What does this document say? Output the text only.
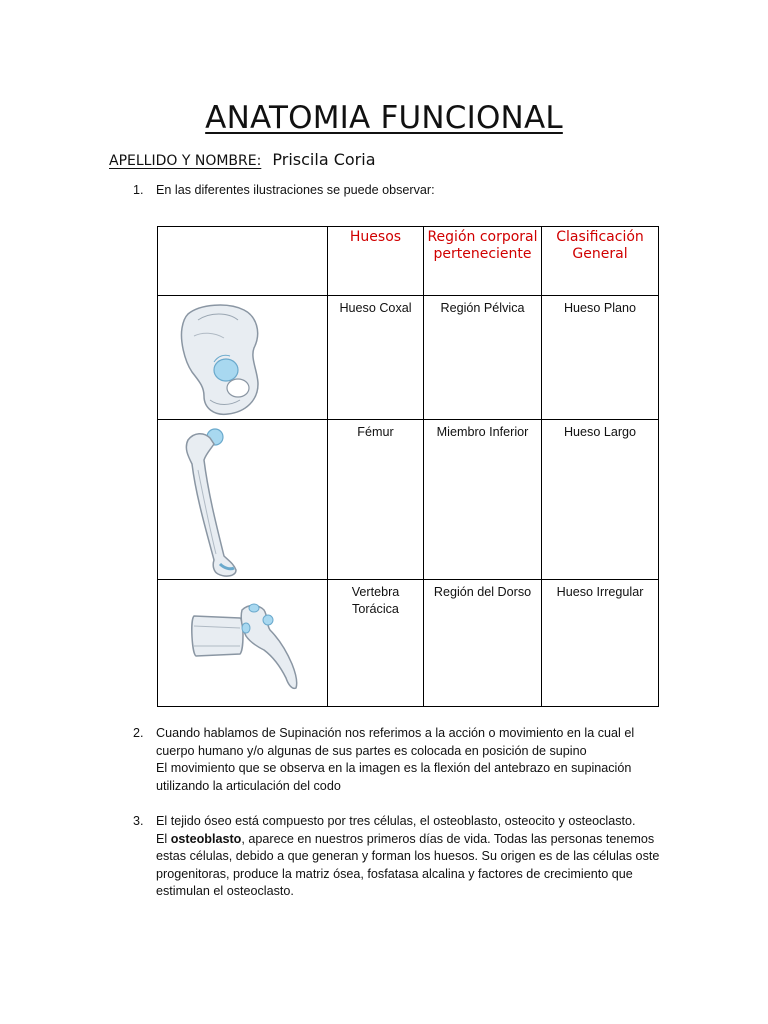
ANATOMIA FUNCIONAL
APELLIDO Y NOMBRE: Priscila Coria
1. En las diferentes ilustraciones se puede observar:

	Huesos	Región corporal perteneciente	Clasificación General

	Hueso Coxal	Región Pélvica	Hueso Plano

	Fémur	Miembro Inferior	Hueso Largo

	Vertebra Torácica	Región del Dorso	Hueso Irregular
2. Cuando hablamos de Supinación nos referimos a la acción o movimiento en la cual el cuerpo humano y/o algunas de sus partes es colocada en posición de supino

El movimiento que se observa en la imagen es la flexión del antebrazo en supinación utilizando la articulación del codo

3. El tejido óseo está compuesto por tres células, el osteoblasto, osteocito y osteoclasto.

El osteoblasto, aparece en nuestros primeros días de vida. Todas las personas tenemos estas células, debido a que generan y forman los huesos. Su origen es de las células oste progenitoras, produce la matriz ósea, fosfatasa alcalina y factores de crecimiento que estimulan el osteoclasto.
